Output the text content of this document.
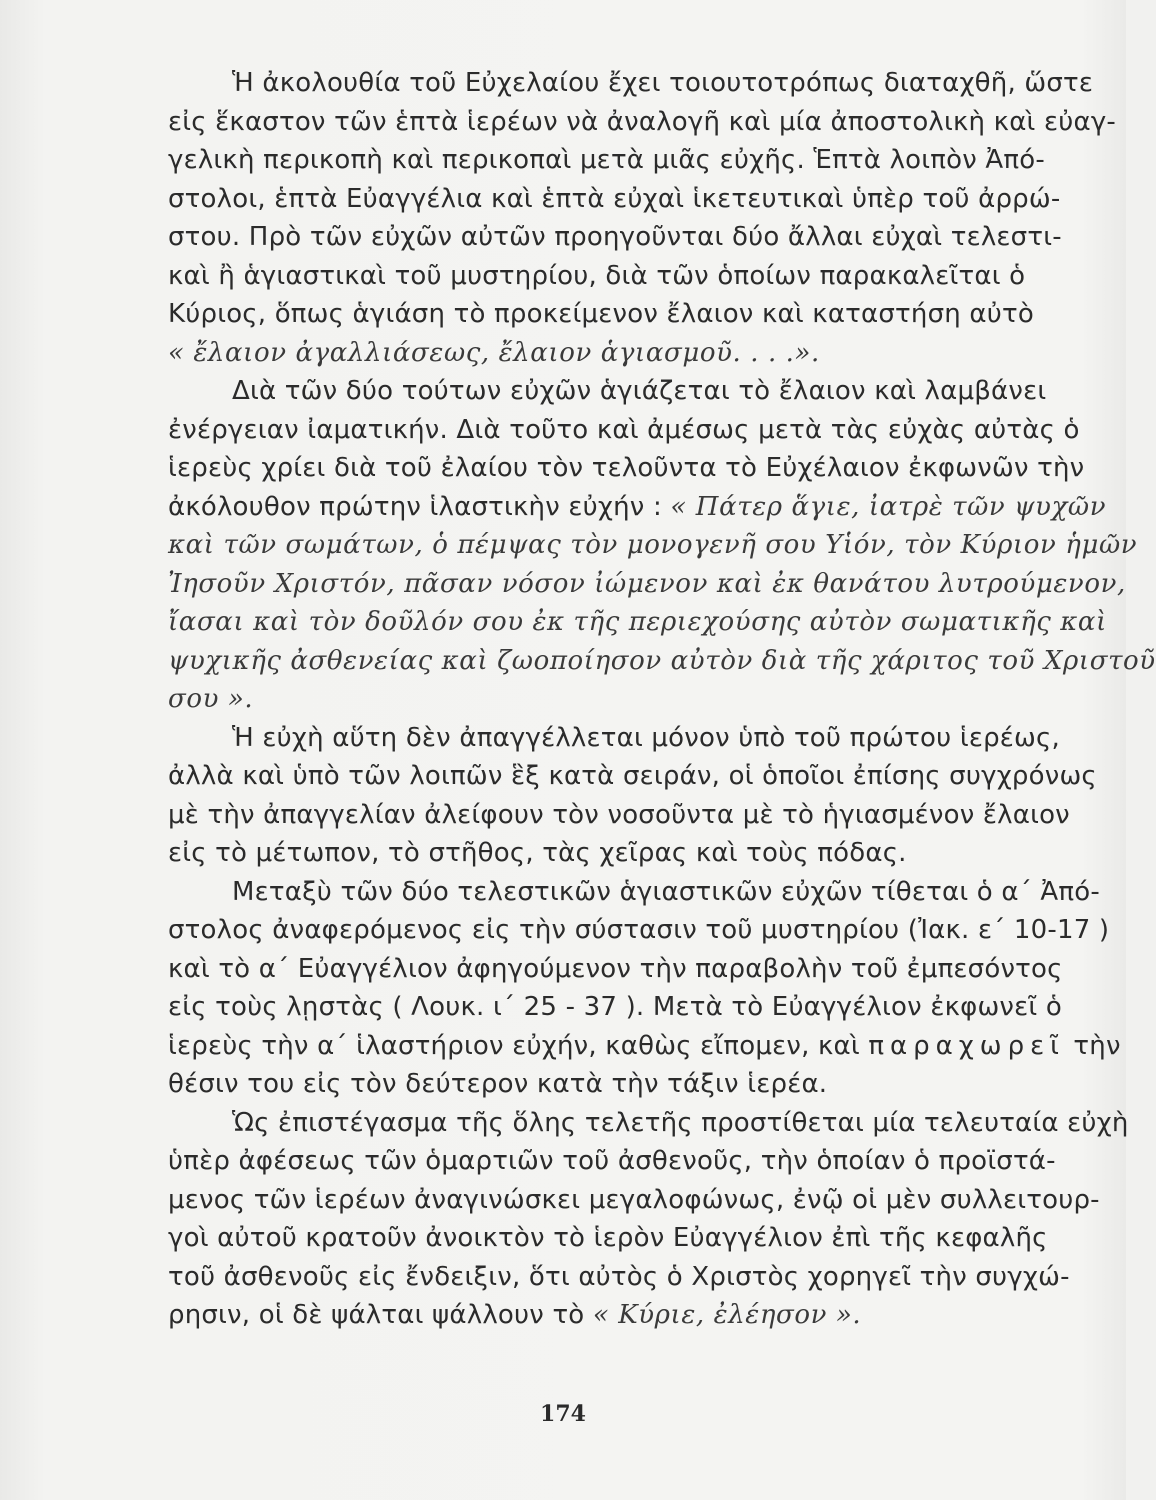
Ἡ ἀκολουθία τοῦ Εὐχελαίου ἔχει τοιουτοτρόπως διαταχθῆ, ὥστε
εἰς ἕκαστον τῶν ἑπτὰ ἱερέων νὰ ἀναλογῆ καὶ μία ἀποστολικὴ καὶ εὐαγ-
γελικὴ περικοπὴ καὶ περικοπαὶ μετὰ μιᾶς εὐχῆς. Ἑπτὰ λοιπὸν Ἀπό-
στολοι, ἑπτὰ Εὐαγγέλια καὶ ἑπτὰ εὐχαὶ ἱκετευτικαὶ ὑπὲρ τοῦ ἀρρώ-
στου. Πρὸ τῶν εὐχῶν αὐτῶν προηγοῦνται δύο ἄλλαι εὐχαὶ τελεστι-
καὶ ἢ ἁγιαστικαὶ τοῦ μυστηρίου, διὰ τῶν ὁποίων παρακαλεῖται ὁ
Κύριος, ὅπως ἁγιάση τὸ προκείμενον ἔλαιον καὶ καταστήση αὐτὸ
« ἔλαιον ἀγαλλιάσεως, ἔλαιον ἁγιασμοῦ. . . .».

Διὰ τῶν δύο τούτων εὐχῶν ἁγιάζεται τὸ ἔλαιον καὶ λαμβάνει
ἐνέργειαν ἰαματικήν. Διὰ τοῦτο καὶ ἀμέσως μετὰ τὰς εὐχὰς αὐτὰς ὁ
ἱερεὺς χρίει διὰ τοῦ ἐλαίου τὸν τελοῦντα τὸ Εὐχέλαιον ἐκφωνῶν τὴν
ἀκόλουθον πρώτην ἱλαστικὴν εὐχήν : « Πάτερ ἅγιε, ἰατρὲ τῶν ψυχῶν
καὶ τῶν σωμάτων, ὁ πέμψας τὸν μονογενῆ σου Υἱόν, τὸν Κύριον ἡμῶν
Ἰησοῦν Χριστόν, πᾶσαν νόσον ἰώμενον καὶ ἐκ θανάτου λυτρούμενον,
ἴασαι καὶ τὸν δοῦλόν σου ἐκ τῆς περιεχούσης αὐτὸν σωματικῆς καὶ
ψυχικῆς ἀσθενείας καὶ ζωοποίησον αὐτὸν διὰ τῆς χάριτος τοῦ Χριστοῦ
σου ».

Ἡ εὐχὴ αὕτη δὲν ἀπαγγέλλεται μόνον ὑπὸ τοῦ πρώτου ἱερέως,
ἀλλὰ καὶ ὑπὸ τῶν λοιπῶν ἓξ κατὰ σειράν, οἱ ὁποῖοι ἐπίσης συγχρόνως
μὲ τὴν ἀπαγγελίαν ἀλείφουν τὸν νοσοῦντα μὲ τὸ ἡγιασμένον ἔλαιον
εἰς τὸ μέτωπον, τὸ στῆθος, τὰς χεῖρας καὶ τοὺς πόδας.

Μεταξὺ τῶν δύο τελεστικῶν ἁγιαστικῶν εὐχῶν τίθεται ὁ α΄ Ἀπό-
στολος ἀναφερόμενος εἰς τὴν σύστασιν τοῦ μυστηρίου (Ἰακ. ε΄ 10-17 )
καὶ τὸ α΄ Εὐαγγέλιον ἀφηγούμενον τὴν παραβολὴν τοῦ ἐμπεσόντος
εἰς τοὺς λῃστὰς ( Λουκ. ι΄ 25 - 37 ). Μετὰ τὸ Εὐαγγέλιον ἐκφωνεῖ ὁ
ἱερεὺς τὴν α΄ ἱλαστήριον εὐχήν, καθὼς εἴπομεν, καὶ παραχωρεῖ τὴν
θέσιν του εἰς τὸν δεύτερον κατὰ τὴν τάξιν ἱερέα.

Ὡς ἐπιστέγασμα τῆς ὅλης τελετῆς προστίθεται μία τελευταία εὐχὴ
ὑπὲρ ἀφέσεως τῶν ὁμαρτιῶν τοῦ ἀσθενοῦς, τὴν ὁποίαν ὁ προϊστά-
μενος τῶν ἱερέων ἀναγινώσκει μεγαλοφώνως, ἐνῷ οἱ μὲν συλλειτουρ-
γοὶ αὐτοῦ κρατοῦν ἀνοικτὸν τὸ ἱερὸν Εὐαγγέλιον ἐπὶ τῆς κεφαλῆς
τοῦ ἀσθενοῦς εἰς ἔνδειξιν, ὅτι αὐτὸς ὁ Χριστὸς χορηγεῖ τὴν συγχώ-
ρησιν, οἱ δὲ ψάλται ψάλλουν τὸ « Κύριε, ἐλέησον ».

174
